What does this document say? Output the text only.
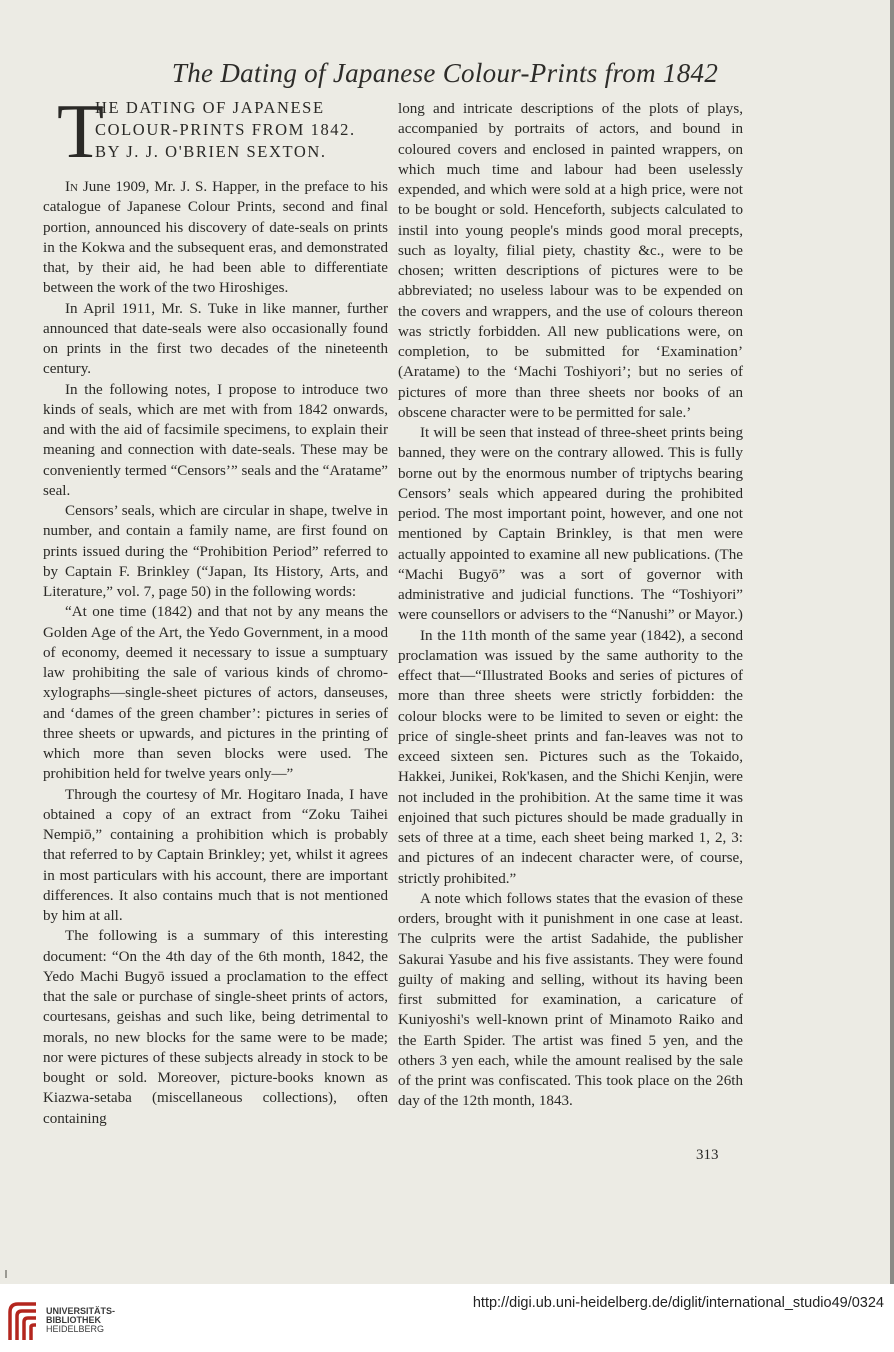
The Dating of Japanese Colour-Prints from 1842
T
HE DATING OF JAPANESE
COLOUR-PRINTS FROM 1842.
BY J. J. O'BRIEN SEXTON.

In June 1909, Mr. J. S. Happer, in the preface to his catalogue of Japanese Colour Prints, second and final portion, announced his discovery of date-seals on prints in the Kokwa and the subsequent eras, and demonstrated that, by their aid, he had been able to differentiate between the work of the two Hiroshiges.

In April 1911, Mr. S. Tuke in like manner, further announced that date-seals were also occasionally found on prints in the first two decades of the nineteenth century.

In the following notes, I propose to introduce two kinds of seals, which are met with from 1842 onwards, and with the aid of facsimile specimens, to explain their meaning and connection with date-seals. These may be conveniently termed “Censors’” seals and the “Aratame” seal.

Censors’ seals, which are circular in shape, twelve in number, and contain a family name, are first found on prints issued during the “Prohibition Period” referred to by Captain F. Brinkley (“Japan, Its History, Arts, and Literature,” vol. 7, page 50) in the following words:

“At one time (1842) and that not by any means the Golden Age of the Art, the Yedo Government, in a mood of economy, deemed it necessary to issue a sumptuary law prohibiting the sale of various kinds of chromo-xylographs—single-sheet pictures of actors, danseuses, and ‘dames of the green chamber’: pictures in series of three sheets or upwards, and pictures in the printing of which more than seven blocks were used. The prohibition held for twelve years only—”

Through the courtesy of Mr. Hogitaro Inada, I have obtained a copy of an extract from “Zoku Taihei Nempiō,” containing a prohibition which is probably that referred to by Captain Brinkley; yet, whilst it agrees in most particulars with his account, there are important differences. It also contains much that is not mentioned by him at all.

The following is a summary of this interesting document: “On the 4th day of the 6th month, 1842, the Yedo Machi Bugyō issued a proclamation to the effect that the sale or purchase of single-sheet prints of actors, courtesans, geishas and such like, being detrimental to morals, no new blocks for the same were to be made; nor were pictures of these subjects already in stock to be bought or sold. Moreover, picture-books known as Kiazwa-setaba (miscellaneous collections), often containing

long and intricate descriptions of the plots of plays, accompanied by portraits of actors, and bound in coloured covers and enclosed in painted wrappers, on which much time and labour had been uselessly expended, and which were sold at a high price, were not to be bought or sold. Henceforth, subjects calculated to instil into young people's minds good moral precepts, such as loyalty, filial piety, chastity &c., were to be chosen; written descriptions of pictures were to be abbreviated; no useless labour was to be expended on the covers and wrappers, and the use of colours thereon was strictly forbidden. All new publications were, on completion, to be submitted for ‘Examination’ (Aratame) to the ‘Machi Toshiyori’; but no series of pictures of more than three sheets nor books of an obscene character were to be permitted for sale.’

It will be seen that instead of three-sheet prints being banned, they were on the contrary allowed. This is fully borne out by the enormous number of triptychs bearing Censors’ seals which appeared during the prohibited period. The most important point, however, and one not mentioned by Captain Brinkley, is that men were actually appointed to examine all new publications. (The “Machi Bugyō” was a sort of governor with administrative and judicial functions. The “Toshiyori” were counsellors or advisers to the “Nanushi” or Mayor.)

In the 11th month of the same year (1842), a second proclamation was issued by the same authority to the effect that—“Illustrated Books and series of pictures of more than three sheets were strictly forbidden: the colour blocks were to be limited to seven or eight: the price of single-sheet prints and fan-leaves was not to exceed sixteen sen. Pictures such as the Tokaido, Hakkei, Junikei, Rok'kasen, and the Shichi Kenjin, were not included in the prohibition. At the same time it was enjoined that such pictures should be made gradually in sets of three at a time, each sheet being marked 1, 2, 3: and pictures of an indecent character were, of course, strictly prohibited.”

A note which follows states that the evasion of these orders, brought with it punishment in one case at least. The culprits were the artist Sadahide, the publisher Sakurai Yasube and his five assistants. They were found guilty of making and selling, without its having been first submitted for examination, a caricature of Kuniyoshi's well-known print of Minamoto Raiko and the Earth Spider. The artist was fined 5 yen, and the others 3 yen each, while the amount realised by the sale of the print was confiscated. This took place on the 26th day of the 12th month, 1843.

313
UNIVERSITÄTS-
BIBLIOTHEK
HEIDELBERG
http://digi.ub.uni-heidelberg.de/diglit/international_studio49/0324
